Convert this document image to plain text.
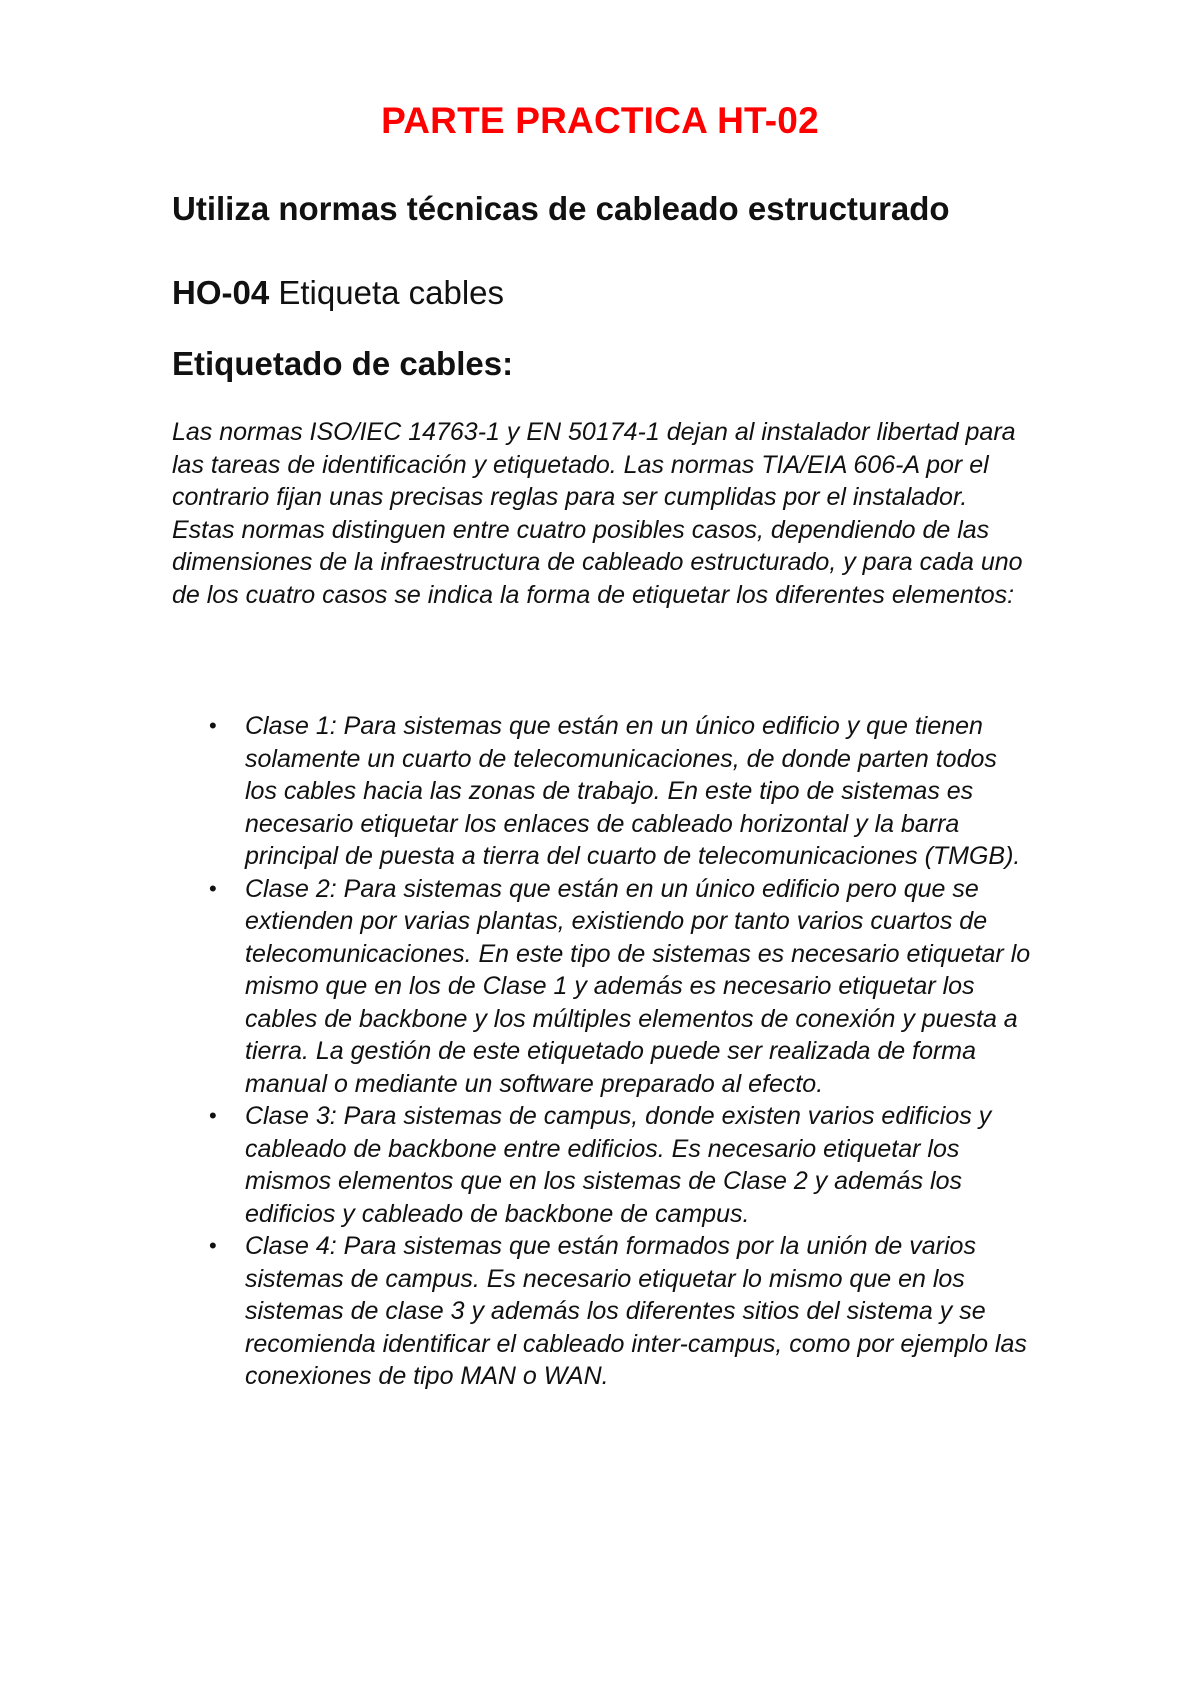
PARTE PRACTICA HT-02
Utiliza normas técnicas de cableado estructurado
HO-04 Etiqueta cables
Etiquetado de cables:

Las normas ISO/IEC 14763-1 y EN 50174-1 dejan al instalador libertad para las tareas de identificación y etiquetado. Las normas TIA/EIA 606-A por el contrario fijan unas precisas reglas para ser cumplidas por el instalador.

Estas normas distinguen entre cuatro posibles casos, dependiendo de las dimensiones de la infraestructura de cableado estructurado, y para cada uno de los cuatro casos se indica la forma de etiquetar los diferentes elementos:

• Clase 1: Para sistemas que están en un único edificio y que tienen solamente un cuarto de telecomunicaciones, de donde parten todos los cables hacia las zonas de trabajo. En este tipo de sistemas es necesario etiquetar los enlaces de cableado horizontal y la barra principal de puesta a tierra del cuarto de telecomunicaciones (TMGB).
• Clase 2: Para sistemas que están en un único edificio pero que se extienden por varias plantas, existiendo por tanto varios cuartos de telecomunicaciones. En este tipo de sistemas es necesario etiquetar lo mismo que en los de Clase 1 y además es necesario etiquetar los cables de backbone y los múltiples elementos de conexión y puesta a tierra. La gestión de este etiquetado puede ser realizada de forma manual o mediante un software preparado al efecto.
• Clase 3: Para sistemas de campus, donde existen varios edificios y cableado de backbone entre edificios. Es necesario etiquetar los mismos elementos que en los sistemas de Clase 2 y además los edificios y cableado de backbone de campus.
• Clase 4: Para sistemas que están formados por la unión de varios sistemas de campus. Es necesario etiquetar lo mismo que en los sistemas de clase 3 y además los diferentes sitios del sistema y se recomienda identificar el cableado inter-campus, como por ejemplo las conexiones de tipo MAN o WAN.
